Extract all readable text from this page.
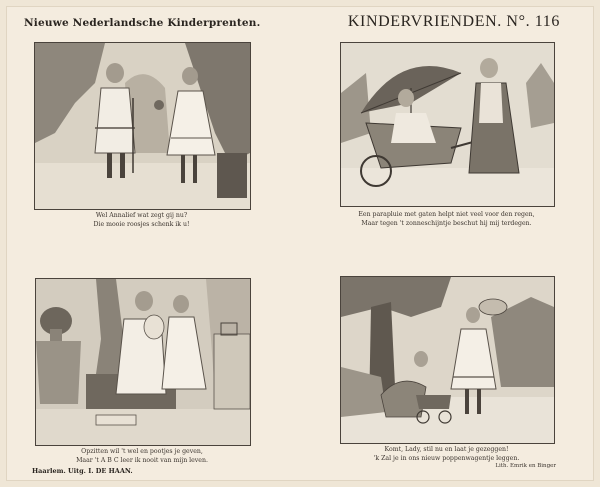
Nieuwe Nederlandsche Kinderprenten.	KINDERVRIENDEN. N°. 116
Wel Annalief wat zegt gij nu?
Die mooie roosjes schenk ik u!
Een parapluie met gaten helpt niet veel voor den regen,
Maar tegen 't zonneschijntje beschut hij mij terdegen.
Opzitten wil 't wel en pootjes je geven,
Maar 't A B C leer ik nooit van mijn leven.
Komt, Lady, stil nu en laat je gezeggen!
'k Zal je in ons nieuw poppenwagentje leggen.
Haarlem. Uitg. I. DE HAAN.
Lith. Emrik en Binger
